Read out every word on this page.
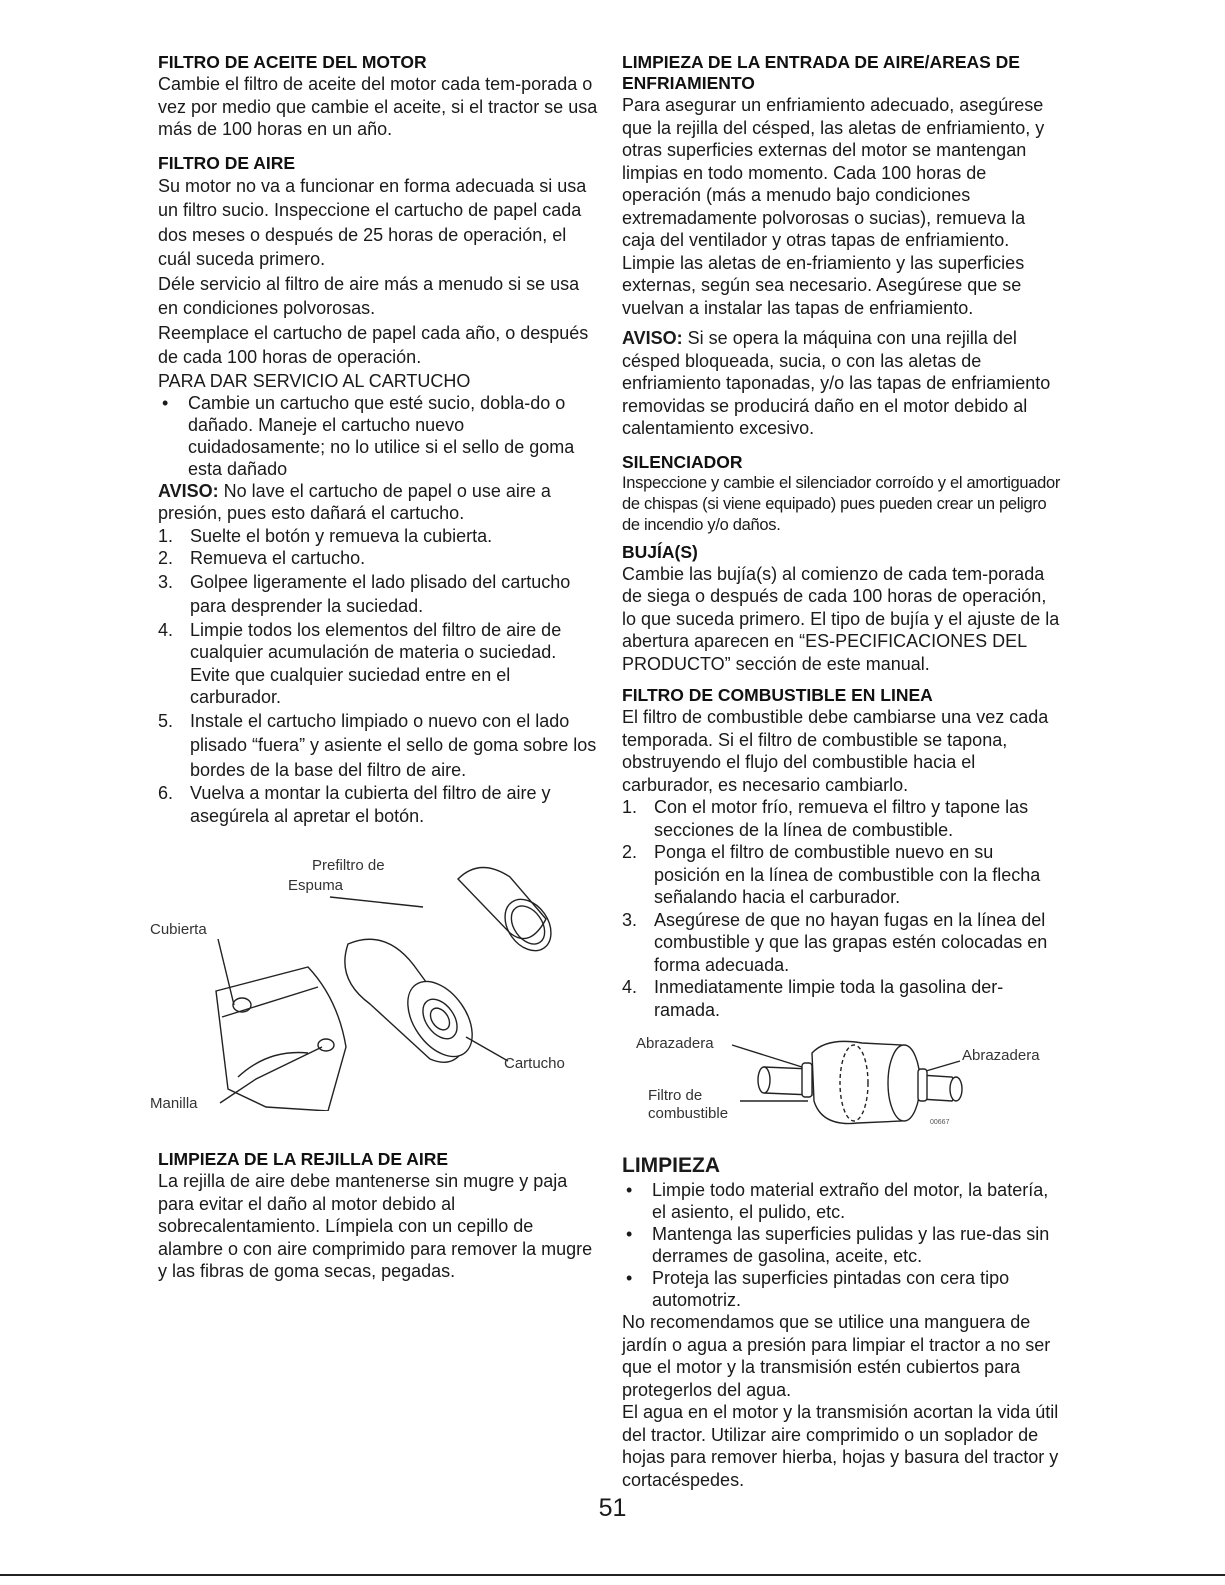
FILTRO DE ACEITE DEL MOTOR

Cambie el filtro de aceite del motor cada tem-porada o vez por medio que cambie el aceite, si el tractor se usa más de 100 horas en un año.

FILTRO DE AIRE

Su motor no va a funcionar en forma adecuada si usa un filtro sucio. Inspeccione el cartucho de papel cada dos meses o después de 25 horas de operación, el cuál suceda primero.

Déle servicio al filtro de aire más a menudo si se usa en condiciones polvorosas.

Reemplace el cartucho de papel cada año, o después de cada 100 horas de operación.

PARA DAR SERVICIO AL CARTUCHO

•	Cambie un cartucho que esté sucio, dobla-do o dañado. Maneje el cartucho nuevo cuidadosamente; no lo utilice si el sello de goma esta dañado

AVISO: No lave el cartucho de papel o use aire a presión, pues esto dañará el cartucho.

1. Suelte el botón y remueva la cubierta.
2. Remueva el cartucho.
3. Golpee ligeramente el lado plisado del cartucho para desprender la suciedad.
4. Limpie todos los elementos del filtro de aire de cualquier acumulación de materia o suciedad. Evite que cualquier suciedad entre en el carburador.
5. Instale el cartucho limpiado o nuevo con el lado plisado “fuera” y asiente el sello de goma sobre los bordes de la base del filtro de aire.
6. Vuelva a montar la cubierta del filtro de aire y asegúrela al apretar el botón.
Prefiltro de
Espuma
Cubierta
Cartucho
Manilla
LIMPIEZA DE LA REJILLA DE AIRE

La rejilla de aire debe mantenerse sin mugre y paja para evitar el daño al motor debido al sobrecalentamiento. Límpiela con un cepillo de alambre o con aire comprimido para remover la mugre y las fibras de goma secas, pegadas.

LIMPIEZA DE LA ENTRADA DE AIRE/AREAS DE ENFRIAMIENTO

Para asegurar un enfriamiento adecuado, asegúrese que la rejilla del césped, las aletas de enfriamiento, y otras superficies externas del motor se mantengan limpias en todo momento. Cada 100 horas de operación (más a menudo bajo condiciones extremadamente polvorosas o sucias), remueva la caja del ventilador y otras tapas de enfriamiento. Limpie las aletas de en-friamiento y las superficies externas, según sea necesario. Asegúrese que se vuelvan a instalar las tapas de enfriamiento.

AVISO: Si se opera la máquina con una rejilla del césped bloqueada, sucia, o con las aletas de enfriamiento taponadas, y/o las tapas de enfriamiento removidas se producirá daño en el motor debido al calentamiento excesivo.

SILENCIADOR

Inspeccione y cambie el silenciador corroído y el amortiguador de chispas (si viene equipado) pues pueden crear un peligro de incendio y/o daños.

BUJÍA(S)

Cambie las bujía(s) al comienzo de cada tem-porada de siega o después de cada 100 horas de operación, lo que suceda primero. El tipo de bujía y el ajuste de la abertura aparecen en “ES-PECIFICACIONES DEL PRODUCTO” sección de este manual.

FILTRO DE COMBUSTIBLE EN LINEA

El filtro de combustible debe cambiarse una vez cada temporada. Si el filtro de combustible se tapona, obstruyendo el flujo del combustible hacia el carburador, es necesario cambiarlo.

1. Con el motor frío, remueva el filtro y tapone las secciones de la línea de combustible.
2. Ponga el filtro de combustible nuevo en su posición en la línea de combustible con la flecha señalando hacia el carburador.
3. Asegúrese de que no hayan fugas en la línea del combustible y que las grapas estén colocadas en forma adecuada.
4. Inmediatamente limpie toda la gasolina der-ramada.
Abrazadera
Abrazadera
Filtro de
combustible
00667
LIMPIEZA
•	Limpie todo material extraño del motor, la batería, el asiento, el pulido, etc.
•	Mantenga las superficies pulidas y las rue-das sin derrames de gasolina, aceite, etc.
•	Proteja las superficies pintadas con cera tipo automotriz.

No recomendamos que se utilice una manguera de jardín o agua a presión para limpiar el tractor a no ser que el motor y la transmisión estén cubiertos para protegerlos del agua.

El agua en el motor y la transmisión acortan la vida útil del tractor. Utilizar aire comprimido o un soplador de hojas para remover hierba, hojas y basura del tractor y cortacéspedes.

51
